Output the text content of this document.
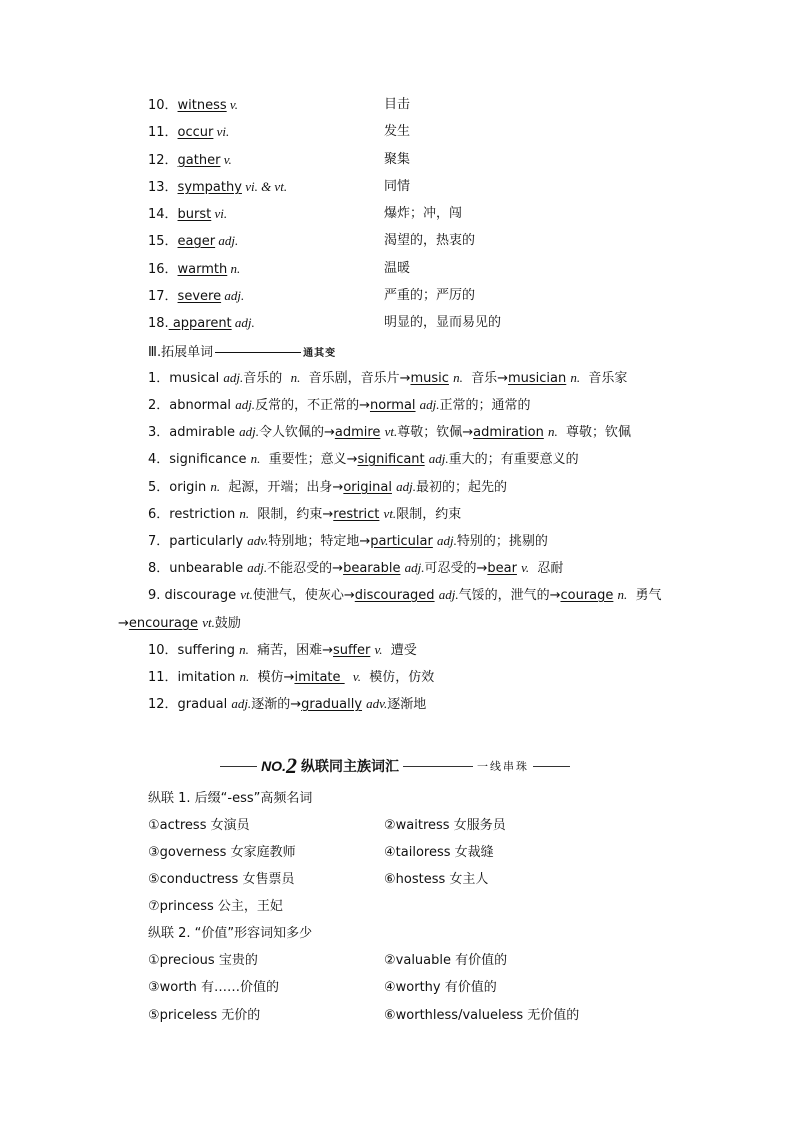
10．witness v.	目击
11．occur vi.	发生
12．gather v.	聚集
13．sympathy vi. & vt.	同情
14．burst vi.	爆炸；冲，闯
15．eager adj.	渴望的，热衷的
16．warmth n.	温暖
17．severe adj.	严重的；严厉的
18. apparent adj.	明显的，显而易见的
Ⅲ.拓展单词	通其变
1．musical adj.音乐的  n.  音乐剧，音乐片→music n.  音乐→musician n.  音乐家
2．abnormal adj.反常的，不正常的→normal adj.正常的；通常的
3．admirable adj.令人钦佩的→admire vt.尊敬；钦佩→admiration n.  尊敬；钦佩
4．significance n.  重要性；意义→significant adj.重大的；有重要意义的
5．origin n.  起源，开端；出身→original adj.最初的；起先的
6．restriction n.  限制，约束→restrict vt.限制，约束
7．particularly adv.特别地；特定地→particular adj.特别的；挑剔的
8．unbearable adj.不能忍受的→bearable adj.可忍受的→bear v.  忍耐
9. discourage vt.使泄气，使灰心→discouraged adj.气馁的，泄气的→courage n.  勇气
→encourage vt.鼓励
10．suffering n.  痛苦，困难→suffer v.  遭受
11．imitation n.  模仿→imitate   v.  模仿，仿效
12．gradual adj.逐渐的→gradually adv.逐渐地
NO. 2 纵联同主族词汇	一线串珠
纵联 1. 后缀“-ess”高频名词
①actress 女演员	②waitress 女服务员
③governess 女家庭教师	④tailoress 女裁缝
⑤conductress 女售票员	⑥hostess 女主人
⑦princess 公主，王妃
纵联 2. “价值”形容词知多少
①precious 宝贵的	②valuable 有价值的
③worth 有……价值的	④worthy 有价值的
⑤priceless 无价的	⑥worthless/valueless 无价值的
